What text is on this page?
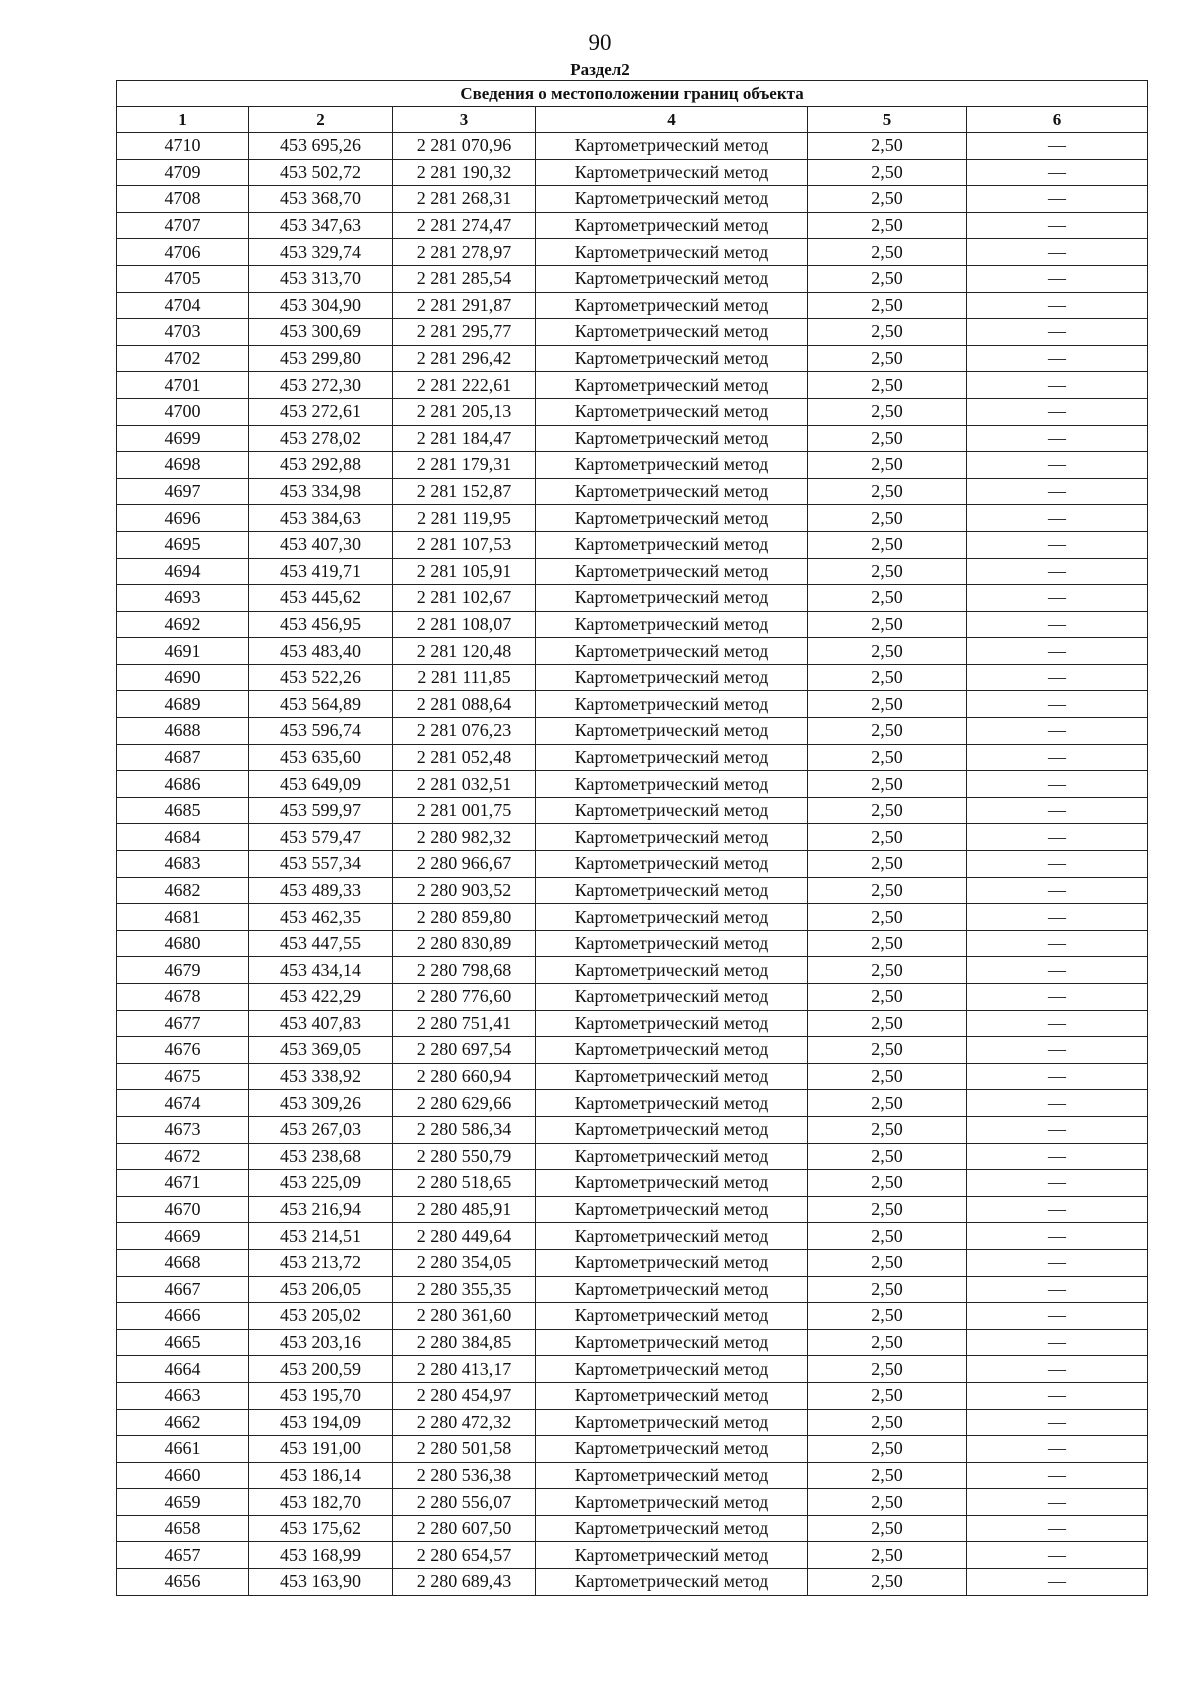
90
Раздел2
Сведения о местоположении границ объекта					
1	2	3	4	5	6
4710	453 695,26	2 281 070,96	Картометрический метод	2,50	—
4709	453 502,72	2 281 190,32	Картометрический метод	2,50	—
4708	453 368,70	2 281 268,31	Картометрический метод	2,50	—
4707	453 347,63	2 281 274,47	Картометрический метод	2,50	—
4706	453 329,74	2 281 278,97	Картометрический метод	2,50	—
4705	453 313,70	2 281 285,54	Картометрический метод	2,50	—
4704	453 304,90	2 281 291,87	Картометрический метод	2,50	—
4703	453 300,69	2 281 295,77	Картометрический метод	2,50	—
4702	453 299,80	2 281 296,42	Картометрический метод	2,50	—
4701	453 272,30	2 281 222,61	Картометрический метод	2,50	—
4700	453 272,61	2 281 205,13	Картометрический метод	2,50	—
4699	453 278,02	2 281 184,47	Картометрический метод	2,50	—
4698	453 292,88	2 281 179,31	Картометрический метод	2,50	—
4697	453 334,98	2 281 152,87	Картометрический метод	2,50	—
4696	453 384,63	2 281 119,95	Картометрический метод	2,50	—
4695	453 407,30	2 281 107,53	Картометрический метод	2,50	—
4694	453 419,71	2 281 105,91	Картометрический метод	2,50	—
4693	453 445,62	2 281 102,67	Картометрический метод	2,50	—
4692	453 456,95	2 281 108,07	Картометрический метод	2,50	—
4691	453 483,40	2 281 120,48	Картометрический метод	2,50	—
4690	453 522,26	2 281 111,85	Картометрический метод	2,50	—
4689	453 564,89	2 281 088,64	Картометрический метод	2,50	—
4688	453 596,74	2 281 076,23	Картометрический метод	2,50	—
4687	453 635,60	2 281 052,48	Картометрический метод	2,50	—
4686	453 649,09	2 281 032,51	Картометрический метод	2,50	—
4685	453 599,97	2 281 001,75	Картометрический метод	2,50	—
4684	453 579,47	2 280 982,32	Картометрический метод	2,50	—
4683	453 557,34	2 280 966,67	Картометрический метод	2,50	—
4682	453 489,33	2 280 903,52	Картометрический метод	2,50	—
4681	453 462,35	2 280 859,80	Картометрический метод	2,50	—
4680	453 447,55	2 280 830,89	Картометрический метод	2,50	—
4679	453 434,14	2 280 798,68	Картометрический метод	2,50	—
4678	453 422,29	2 280 776,60	Картометрический метод	2,50	—
4677	453 407,83	2 280 751,41	Картометрический метод	2,50	—
4676	453 369,05	2 280 697,54	Картометрический метод	2,50	—
4675	453 338,92	2 280 660,94	Картометрический метод	2,50	—
4674	453 309,26	2 280 629,66	Картометрический метод	2,50	—
4673	453 267,03	2 280 586,34	Картометрический метод	2,50	—
4672	453 238,68	2 280 550,79	Картометрический метод	2,50	—
4671	453 225,09	2 280 518,65	Картометрический метод	2,50	—
4670	453 216,94	2 280 485,91	Картометрический метод	2,50	—
4669	453 214,51	2 280 449,64	Картометрический метод	2,50	—
4668	453 213,72	2 280 354,05	Картометрический метод	2,50	—
4667	453 206,05	2 280 355,35	Картометрический метод	2,50	—
4666	453 205,02	2 280 361,60	Картометрический метод	2,50	—
4665	453 203,16	2 280 384,85	Картометрический метод	2,50	—
4664	453 200,59	2 280 413,17	Картометрический метод	2,50	—
4663	453 195,70	2 280 454,97	Картометрический метод	2,50	—
4662	453 194,09	2 280 472,32	Картометрический метод	2,50	—
4661	453 191,00	2 280 501,58	Картометрический метод	2,50	—
4660	453 186,14	2 280 536,38	Картометрический метод	2,50	—
4659	453 182,70	2 280 556,07	Картометрический метод	2,50	—
4658	453 175,62	2 280 607,50	Картометрический метод	2,50	—
4657	453 168,99	2 280 654,57	Картометрический метод	2,50	—
4656	453 163,90	2 280 689,43	Картометрический метод	2,50	—
